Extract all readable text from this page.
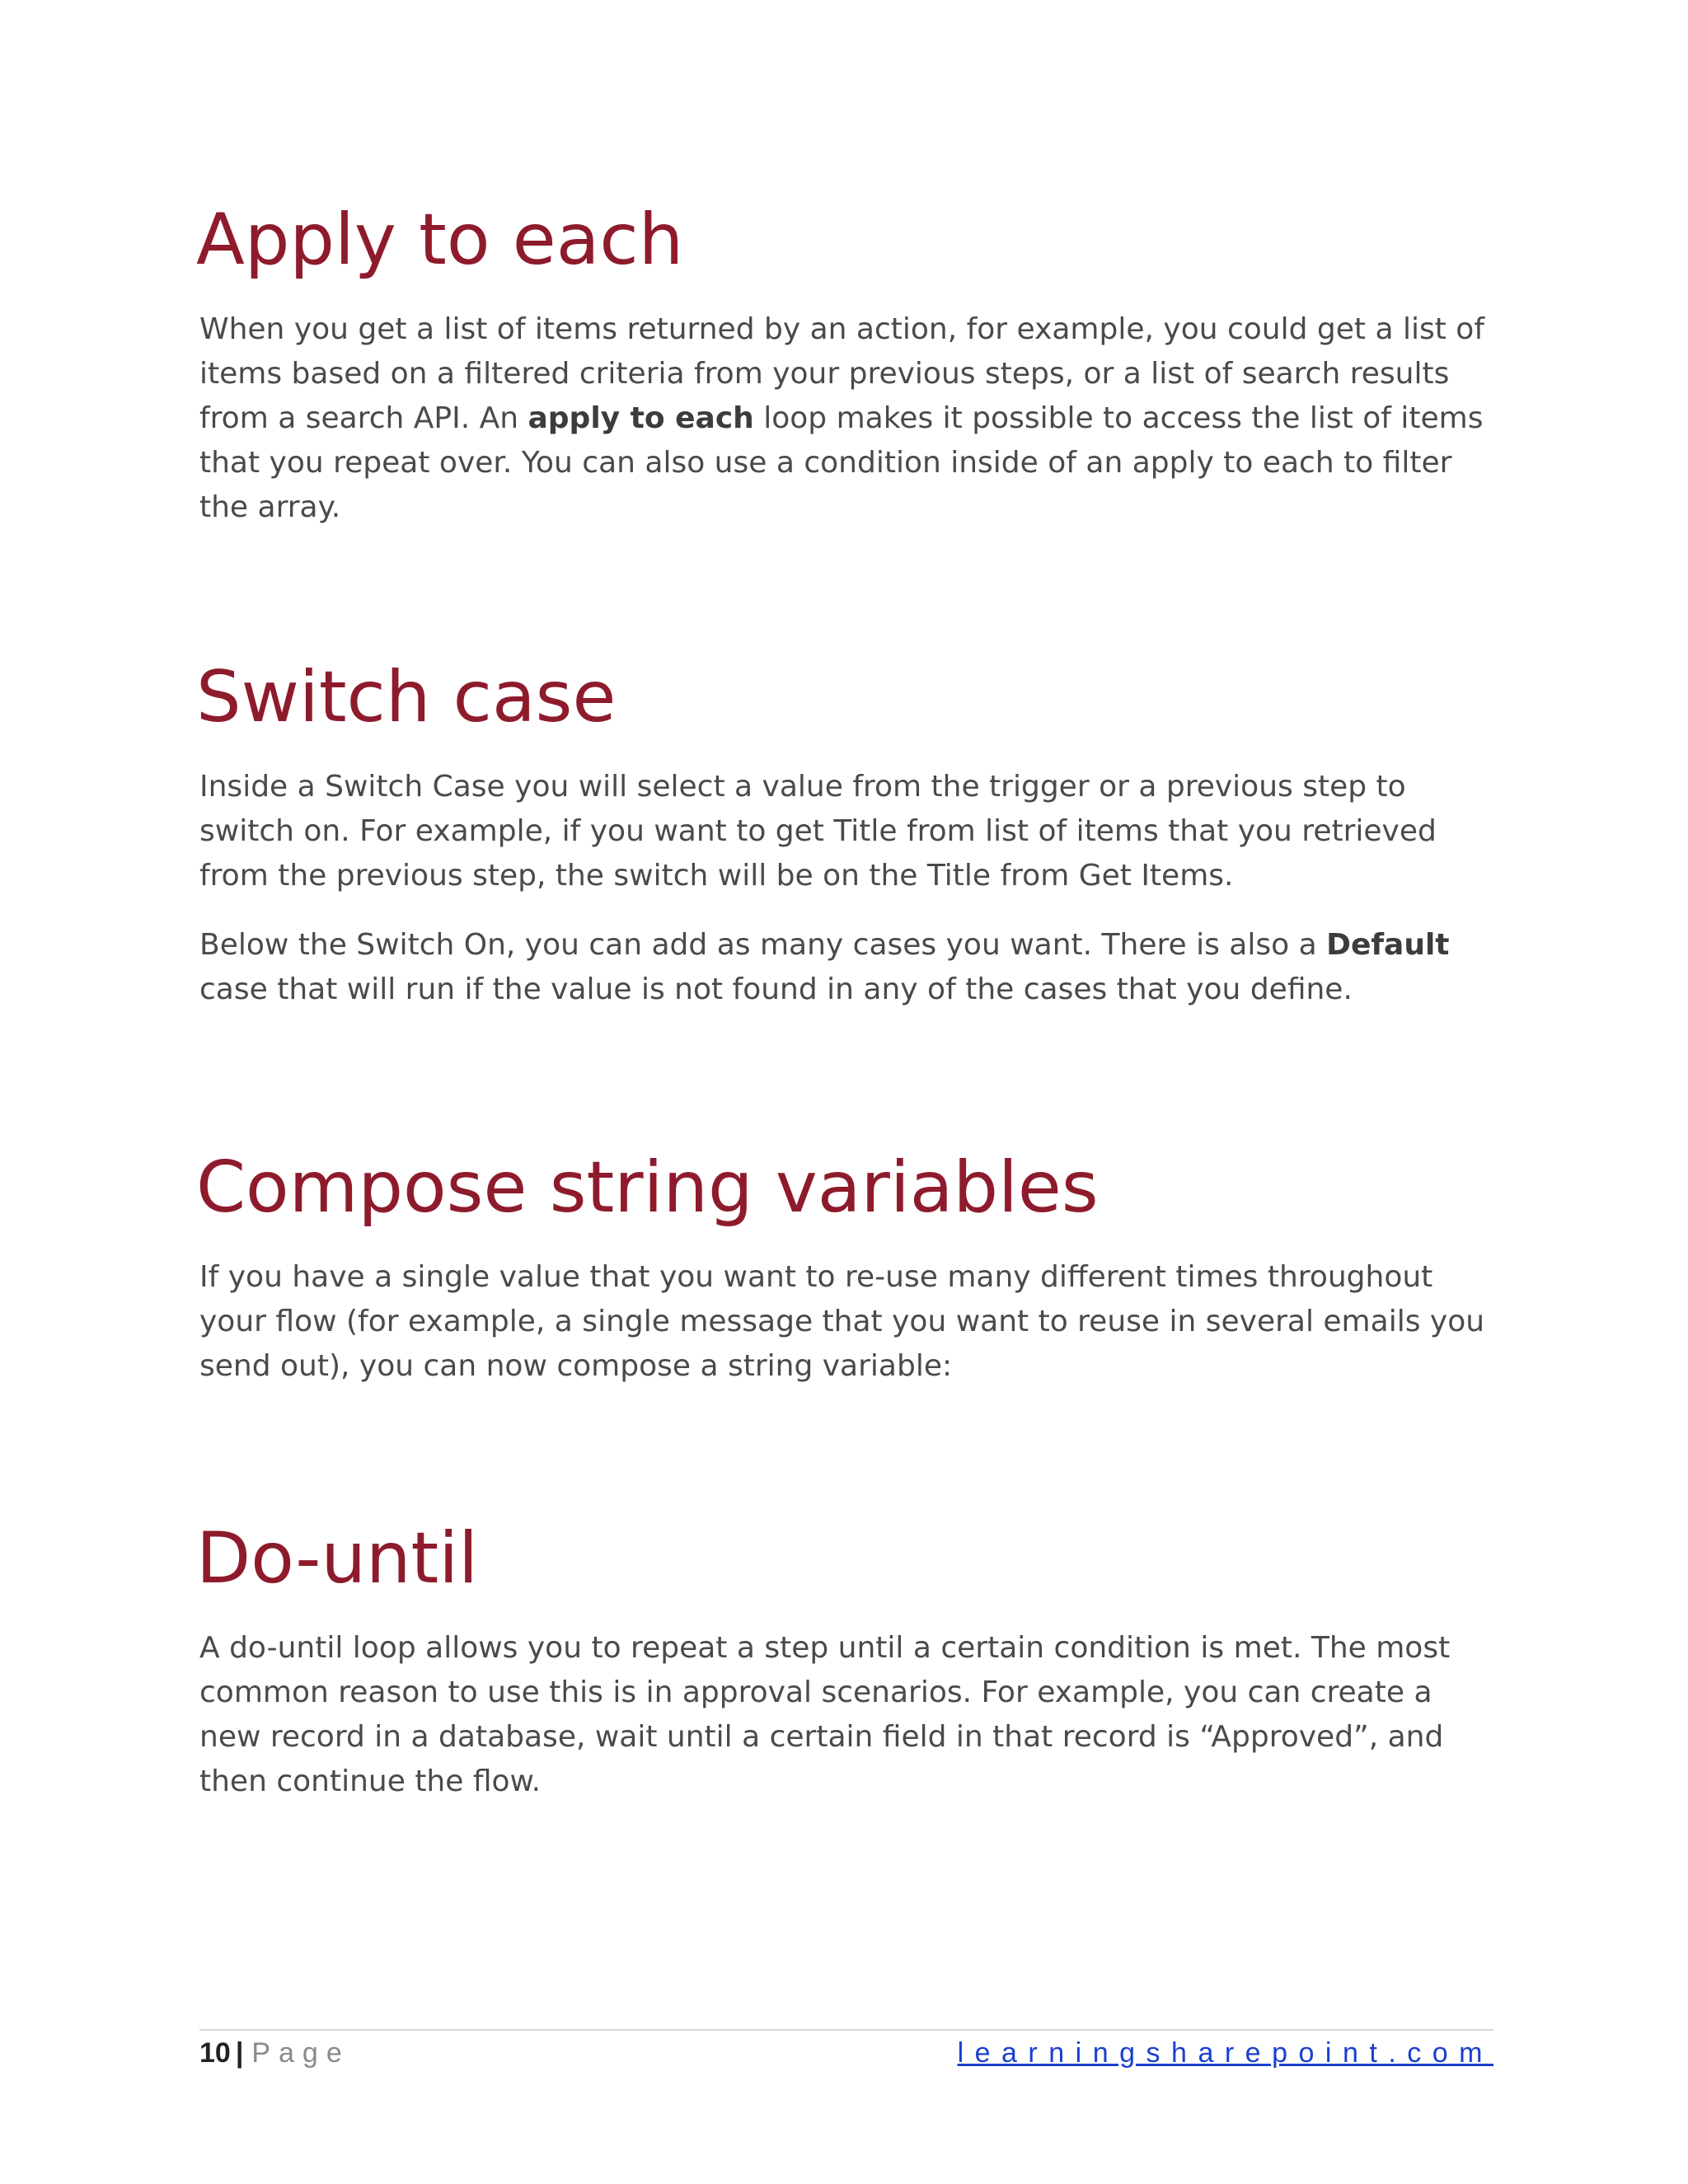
Apply to each

When you get a list of items returned by an action, for example, you could get a list of items based on a filtered criteria from your previous steps, or a list of search results from a search API. An apply to each loop makes it possible to access the list of items that you repeat over. You can also use a condition inside of an apply to each to filter the array.

Switch case

Inside a Switch Case you will select a value from the trigger or a previous step to switch on. For example, if you want to get Title from list of items that you retrieved from the previous step, the switch will be on the Title from Get Items.

Below the Switch On, you can add as many cases you want. There is also a Default case that will run if the value is not found in any of the cases that you define.

Compose string variables

If you have a single value that you want to re-use many different times throughout your flow (for example, a single message that you want to reuse in several emails you send out), you can now compose a string variable:

Do-until

A do-until loop allows you to repeat a step until a certain condition is met. The most common reason to use this is in approval scenarios. For example, you can create a new record in a database, wait until a certain field in that record is “Approved”, and then continue the flow.

10 | Page	learningsharepoint.com
